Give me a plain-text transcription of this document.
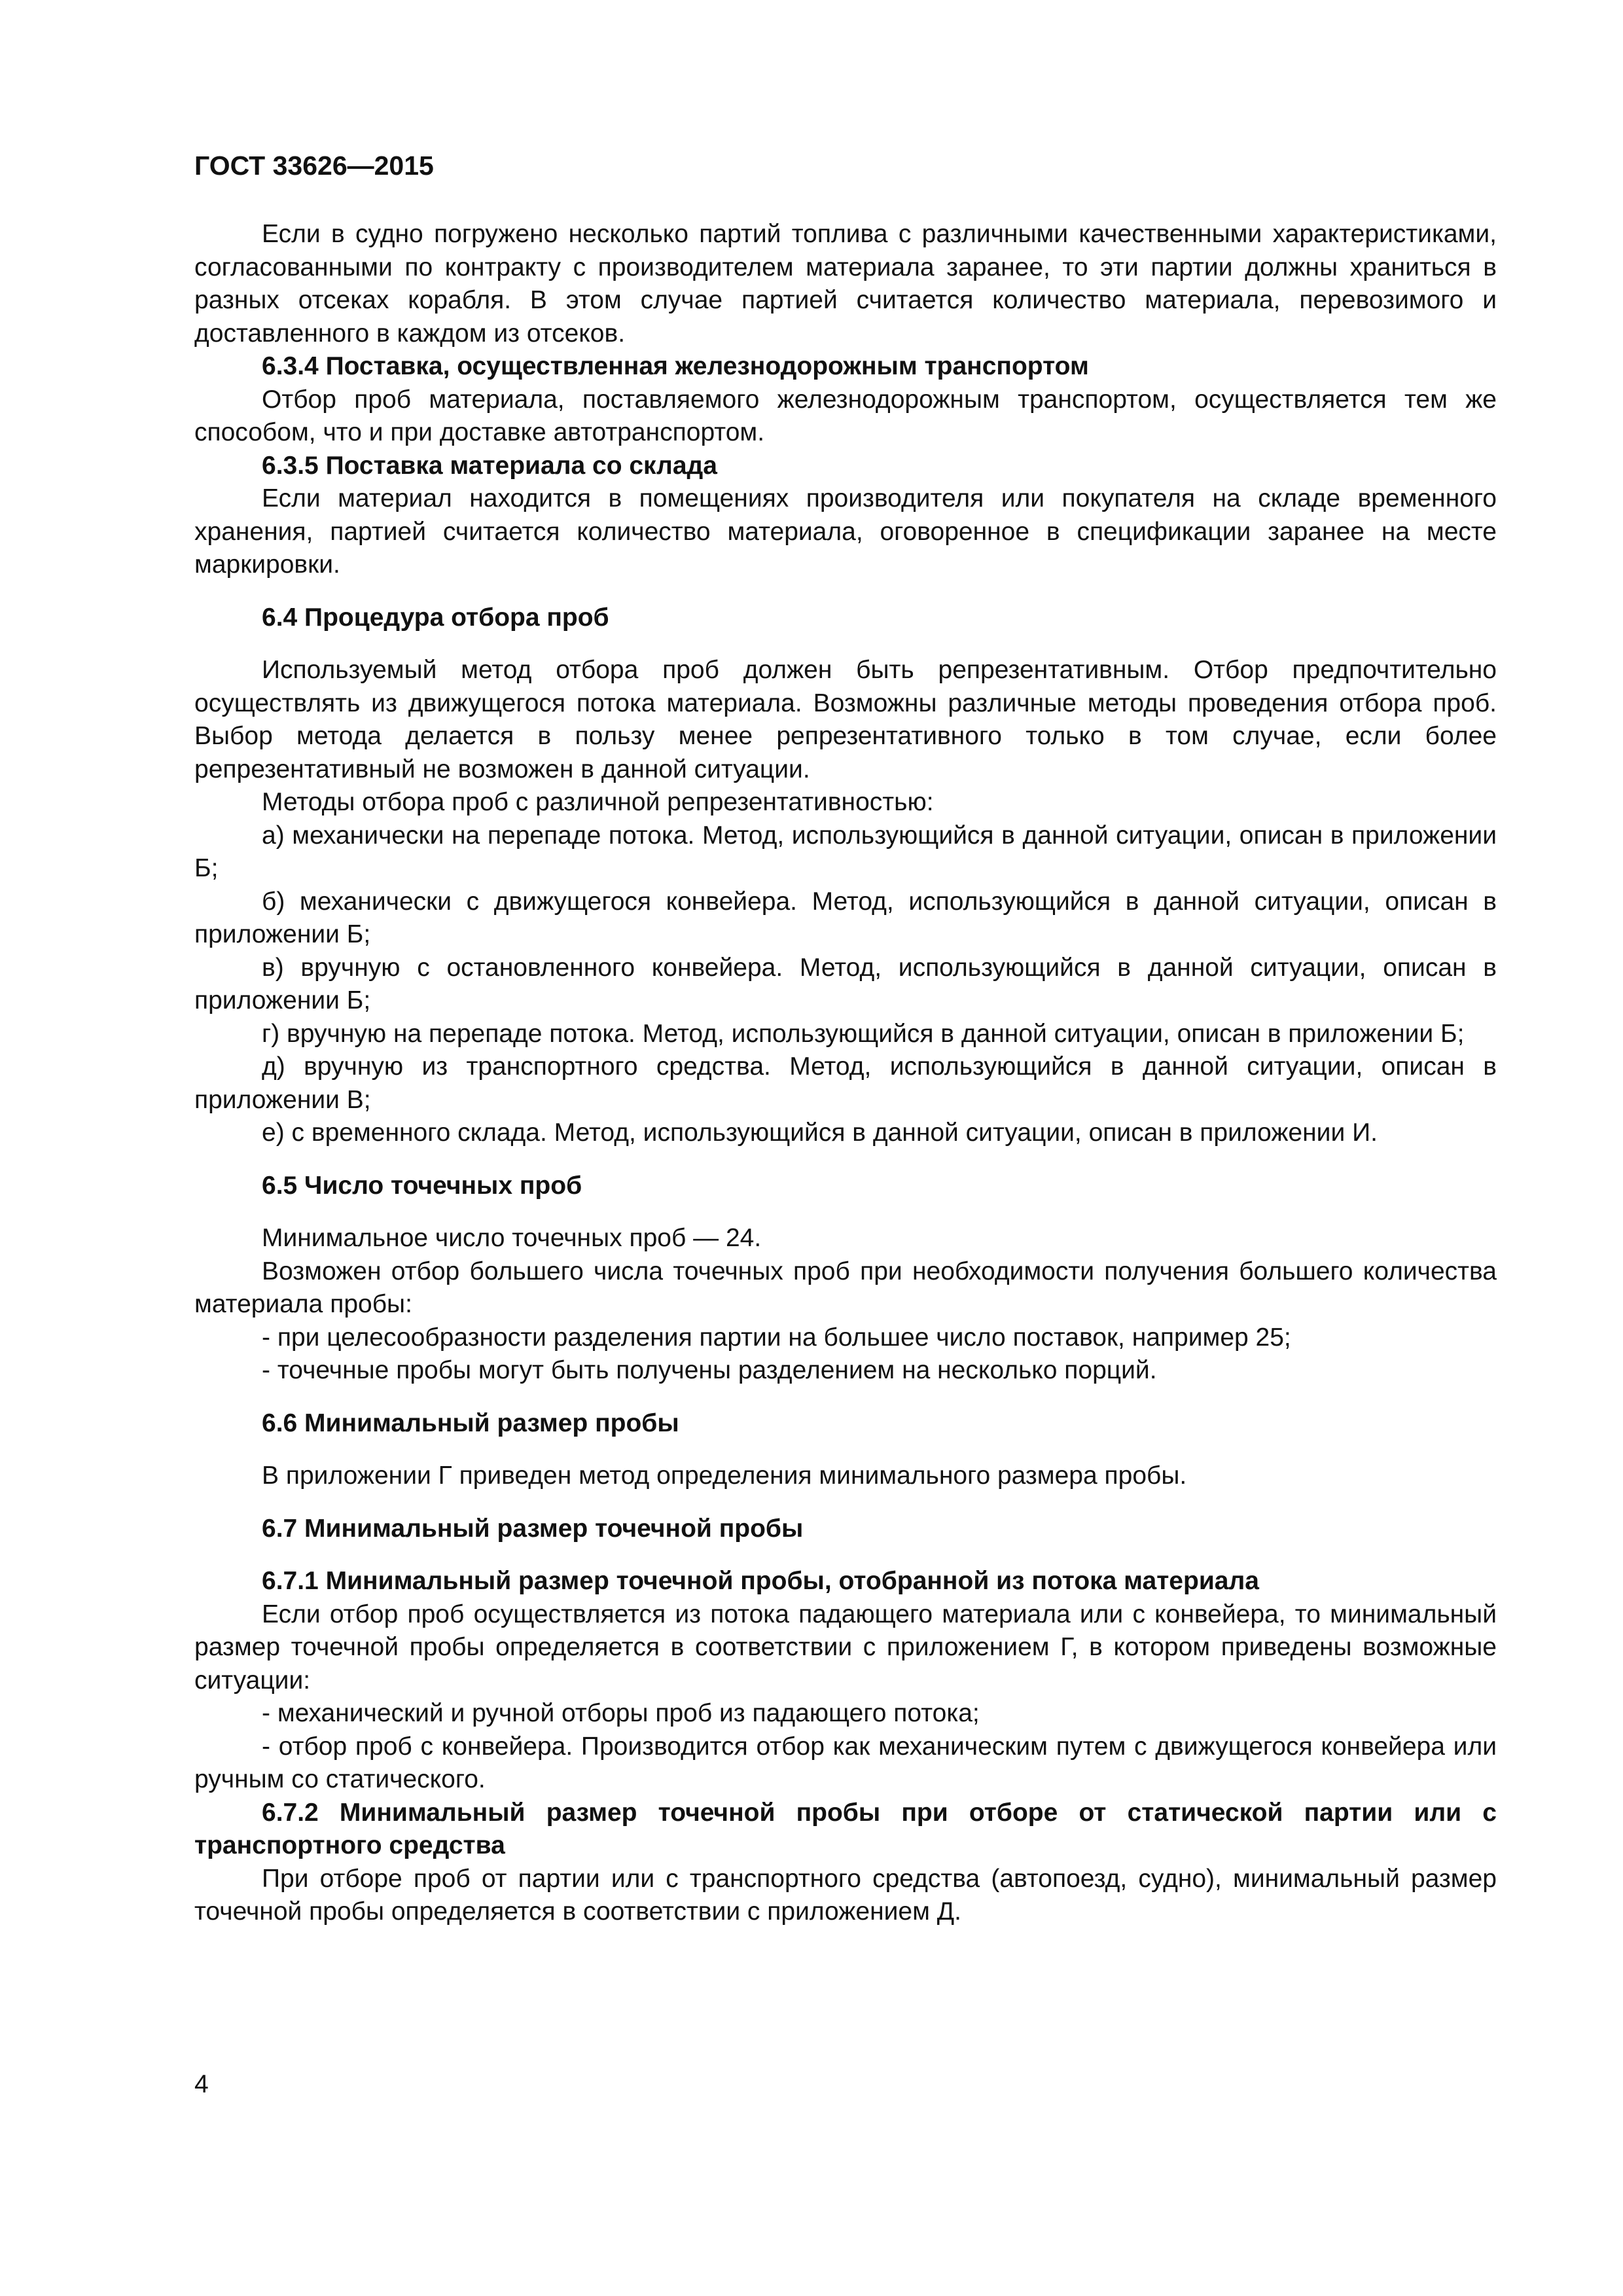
ГОСТ 33626—2015

Если в судно погружено несколько партий топлива с различными качественными характеристиками, согласованными по контракту с производителем материала заранее, то эти партии должны храниться в разных отсеках корабля. В этом случае партией считается количество материала, перевозимого и доставленного в каждом из отсеков.

6.3.4 Поставка, осуществленная железнодорожным транспортом

Отбор проб материала, поставляемого железнодорожным транспортом, осуществляется тем же способом, что и при доставке автотранспортом.

6.3.5 Поставка материала со склада

Если материал находится в помещениях производителя или покупателя на складе временного хранения, партией считается количество материала, оговоренное в спецификации заранее на месте маркировки.

6.4 Процедура отбора проб

Используемый метод отбора проб должен быть репрезентативным. Отбор предпочтительно осуществлять из движущегося потока материала. Возможны различные методы проведения отбора проб. Выбор метода делается в пользу менее репрезентативного только в том случае, если более репрезентативный не возможен в данной ситуации.

Методы отбора проб с различной репрезентативностью:

а) механически на перепаде потока. Метод, использующийся в данной ситуации, описан в приложении Б;

б) механически с движущегося конвейера. Метод, использующийся в данной ситуации, описан в приложении Б;

в) вручную с остановленного конвейера. Метод, использующийся в данной ситуации, описан в приложении Б;

г) вручную на перепаде потока. Метод, использующийся в данной ситуации, описан в приложении Б;

д) вручную из транспортного средства. Метод, использующийся в данной ситуации, описан в приложении В;

е) с временного склада. Метод, использующийся в данной ситуации, описан в приложении И.

6.5 Число точечных проб

Минимальное число точечных проб — 24.

Возможен отбор большего числа точечных проб при необходимости получения большего количества материала пробы:

- при целесообразности разделения партии на большее число поставок, например 25;

- точечные пробы могут быть получены разделением на несколько порций.

6.6 Минимальный размер пробы

В приложении Г приведен метод определения минимального размера пробы.

6.7 Минимальный размер точечной пробы

6.7.1 Минимальный размер точечной пробы, отобранной из потока материала

Если отбор проб осуществляется из потока падающего материала или с конвейера, то минимальный размер точечной пробы определяется в соответствии с приложением Г, в котором приведены возможные ситуации:

- механический и ручной отборы проб из падающего потока;

- отбор проб с конвейера. Производится отбор как механическим путем с движущегося конвейера или ручным со статического.

6.7.2 Минимальный размер точечной пробы при отборе от статической партии или с транспортного средства

При отборе проб от партии или с транспортного средства (автопоезд, судно), минимальный размер точечной пробы определяется в соответствии с приложением Д.

4
